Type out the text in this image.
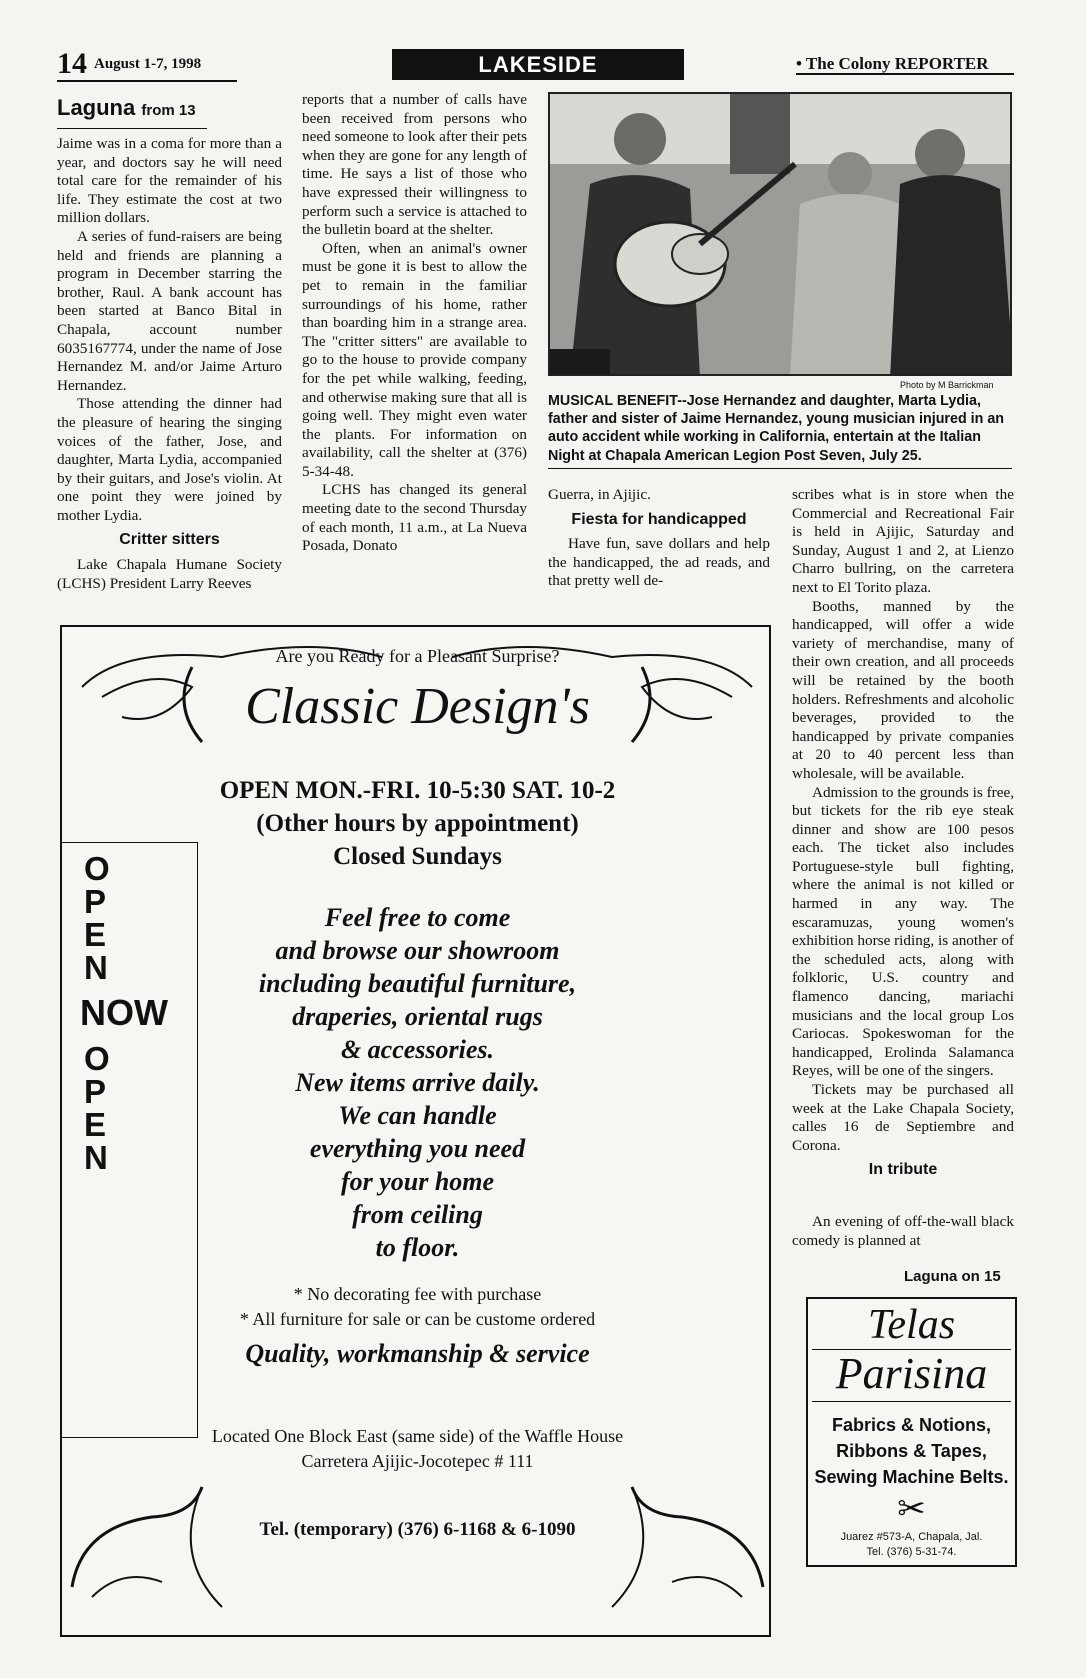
14 August 1-7, 1998	LAKESIDE	• The Colony REPORTER
Laguna from 13

Jaime was in a coma for more than a year, and doctors say he will need total care for the remainder of his life. They estimate the cost at two million dollars.

A series of fund-raisers are being held and friends are planning a program in December starring the brother, Raul. A bank account has been started at Banco Bital in Chapala, account number 6035167774, under the name of Jose Hernandez M. and/or Jaime Arturo Hernandez.

Those attending the dinner had the pleasure of hearing the singing voices of the father, Jose, and daughter, Marta Lydia, accompanied by their guitars, and Jose's violin. At one point they were joined by mother Lydia.

Critter sitters

Lake Chapala Humane Society (LCHS) President Larry Reeves

reports that a number of calls have been received from persons who need someone to look after their pets when they are gone for any length of time. He says a list of those who have expressed their willingness to perform such a service is attached to the bulletin board at the shelter.

Often, when an animal's owner must be gone it is best to allow the pet to remain in the familiar surroundings of his home, rather than boarding him in a strange area. The "critter sitters" are available to go to the house to provide company for the pet while walking, feeding, and otherwise making sure that all is going well. They might even water the plants. For information on availability, call the shelter at (376) 5-34-48.

LCHS has changed its general meeting date to the second Thursday of each month, 11 a.m., at La Nueva Posada, Donato

Photo by M Barrickman
MUSICAL BENEFIT--Jose Hernandez and daughter, Marta Lydia, father and sister of Jaime Hernandez, young musician injured in an auto accident while working in California, entertain at the Italian Night at Chapala American Legion Post Seven, July 25.

Guerra, in Ajijic.

Fiesta for handicapped

Have fun, save dollars and help the handicapped, the ad reads, and that pretty well de-

scribes what is in store when the Commercial and Recreational Fair is held in Ajijic, Saturday and Sunday, August 1 and 2, at Lienzo Charro bullring, on the carretera next to El Torito plaza.

Booths, manned by the handicapped, will offer a wide variety of merchandise, many of their own creation, and all proceeds will be retained by the booth holders. Refreshments and alcoholic beverages, provided to the handicapped by private companies at 20 to 40 percent less than wholesale, will be available.

Admission to the grounds is free, but tickets for the rib eye steak dinner and show are 100 pesos each. The ticket also includes Portuguese-style bull fighting, where the animal is not killed or harmed in any way. The escaramuzas, young women's exhibition horse riding, is another of the scheduled acts, along with folkloric, U.S. country and flamenco dancing, mariachi musicians and the local group Los Cariocas. Spokeswoman for the handicapped, Erolinda Salamanca Reyes, will be one of the singers.

Tickets may be purchased all week at the Lake Chapala Society, calles 16 de Septiembre and Corona.

In tribute
An evening of off-the-wall black comedy is planned at
Laguna on 15
Are you Ready for a Pleasant Surprise?
Classic Design's
OPEN MON.-FRI. 10-5:30 SAT. 10-2
(Other hours by appointment)
Closed Sundays
O
P
E
N
NOW
O
P
E
N
Feel free to come
and browse our showroom
including beautiful furniture,
draperies, oriental rugs
& accessories.
New items arrive daily.
We can handle
everything you need
for your home
from ceiling
to floor.
* No decorating fee with purchase
* All furniture for sale or can be custome ordered
Quality, workmanship & service
Located One Block East (same side) of the Waffle House
Carretera Ajijic-Jocotepec # 111
Tel. (temporary) (376) 6-1168 & 6-1090
Telas
Parisina
Fabrics & Notions,
Ribbons & Tapes,
Sewing Machine Belts.
✂
Juarez #573-A, Chapala, Jal.
Tel. (376) 5-31-74.
